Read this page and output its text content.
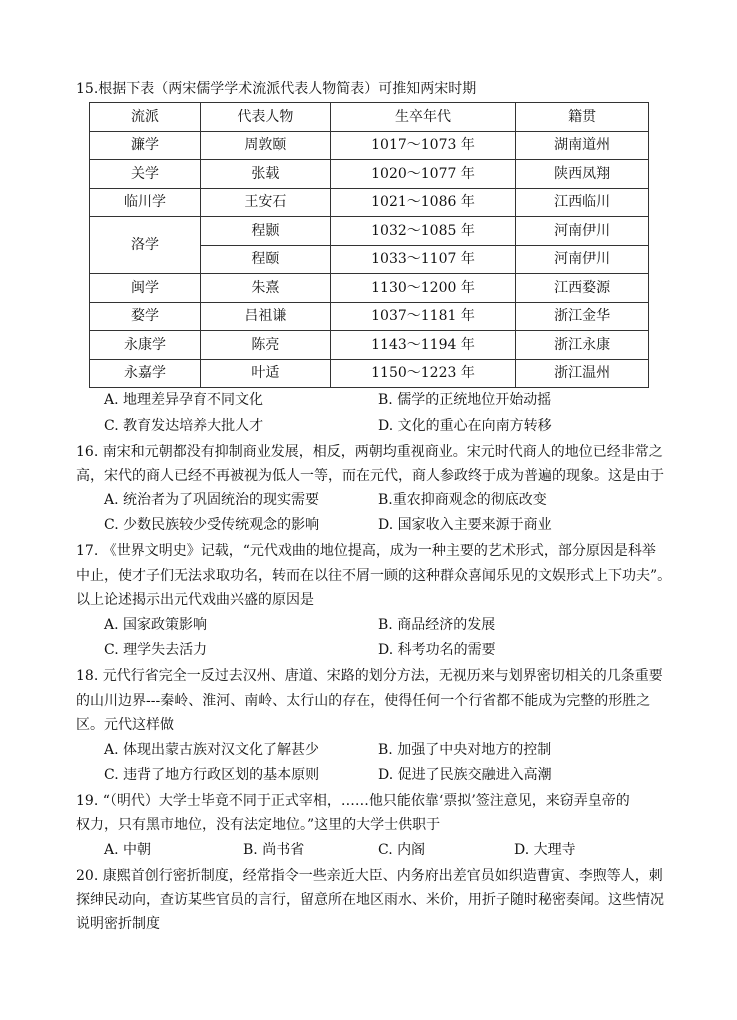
15.根据下表（两宋儒学学术流派代表人物简表）可推知两宋时期
流派	代表人物	生卒年代	籍贯
濂学	周敦颐	1017～1073 年	湖南道州
关学	张载	1020～1077 年	陕西凤翔
临川学	王安石	1021～1086 年	江西临川
洛学	程颢	1032～1085 年	河南伊川
	程颐	1033～1107 年	河南伊川
闽学	朱熹	1130～1200 年	江西婺源
婺学	吕祖谦	1037～1181 年	浙江金华
永康学	陈亮	1143～1194 年	浙江永康
永嘉学	叶适	1150～1223 年	浙江温州
A. 地理差异孕育不同文化	B. 儒学的正统地位开始动摇
C. 教育发达培养大批人才	D. 文化的重心在向南方转移
16. 南宋和元朝都没有抑制商业发展，相反，两朝均重视商业。宋元时代商人的地位已经非常之
高，宋代的商人已经不再被视为低人一等，而在元代，商人参政终于成为普遍的现象。这是由于
A. 统治者为了巩固统治的现实需要	B.重农抑商观念的彻底改变
C. 少数民族较少受传统观念的影响	D. 国家收入主要来源于商业
17. 《世界文明史》记载，“元代戏曲的地位提高，成为一种主要的艺术形式，部分原因是科举
中止，使才子们无法求取功名，转而在以往不屑一顾的这种群众喜闻乐见的文娱形式上下功夫”。
以上论述揭示出元代戏曲兴盛的原因是
A. 国家政策影响	B. 商品经济的发展
C. 理学失去活力	D. 科考功名的需要
18. 元代行省完全一反过去汉州、唐道、宋路的划分方法，无视历来与划界密切相关的几条重要
的山川边界---秦岭、淮河、南岭、太行山的存在，使得任何一个行省都不能成为完整的形胜之
区。元代这样做
A. 体现出蒙古族对汉文化了解甚少	B. 加强了中央对地方的控制
C. 违背了地方行政区划的基本原则	D. 促进了民族交融进入高潮
19. “（明代）大学士毕竟不同于正式宰相，……他只能依靠‘票拟’签注意见，来窃弄皇帝的
权力，只有黑市地位，没有法定地位。”这里的大学士供职于
A. 中朝	B. 尚书省	C. 内阁	D. 大理寺
20. 康熙首创行密折制度，经常指令一些亲近大臣、内务府出差官员如织造曹寅、李煦等人，刺
探绅民动向，查访某些官员的言行，留意所在地区雨水、米价，用折子随时秘密奏闻。这些情况
说明密折制度
